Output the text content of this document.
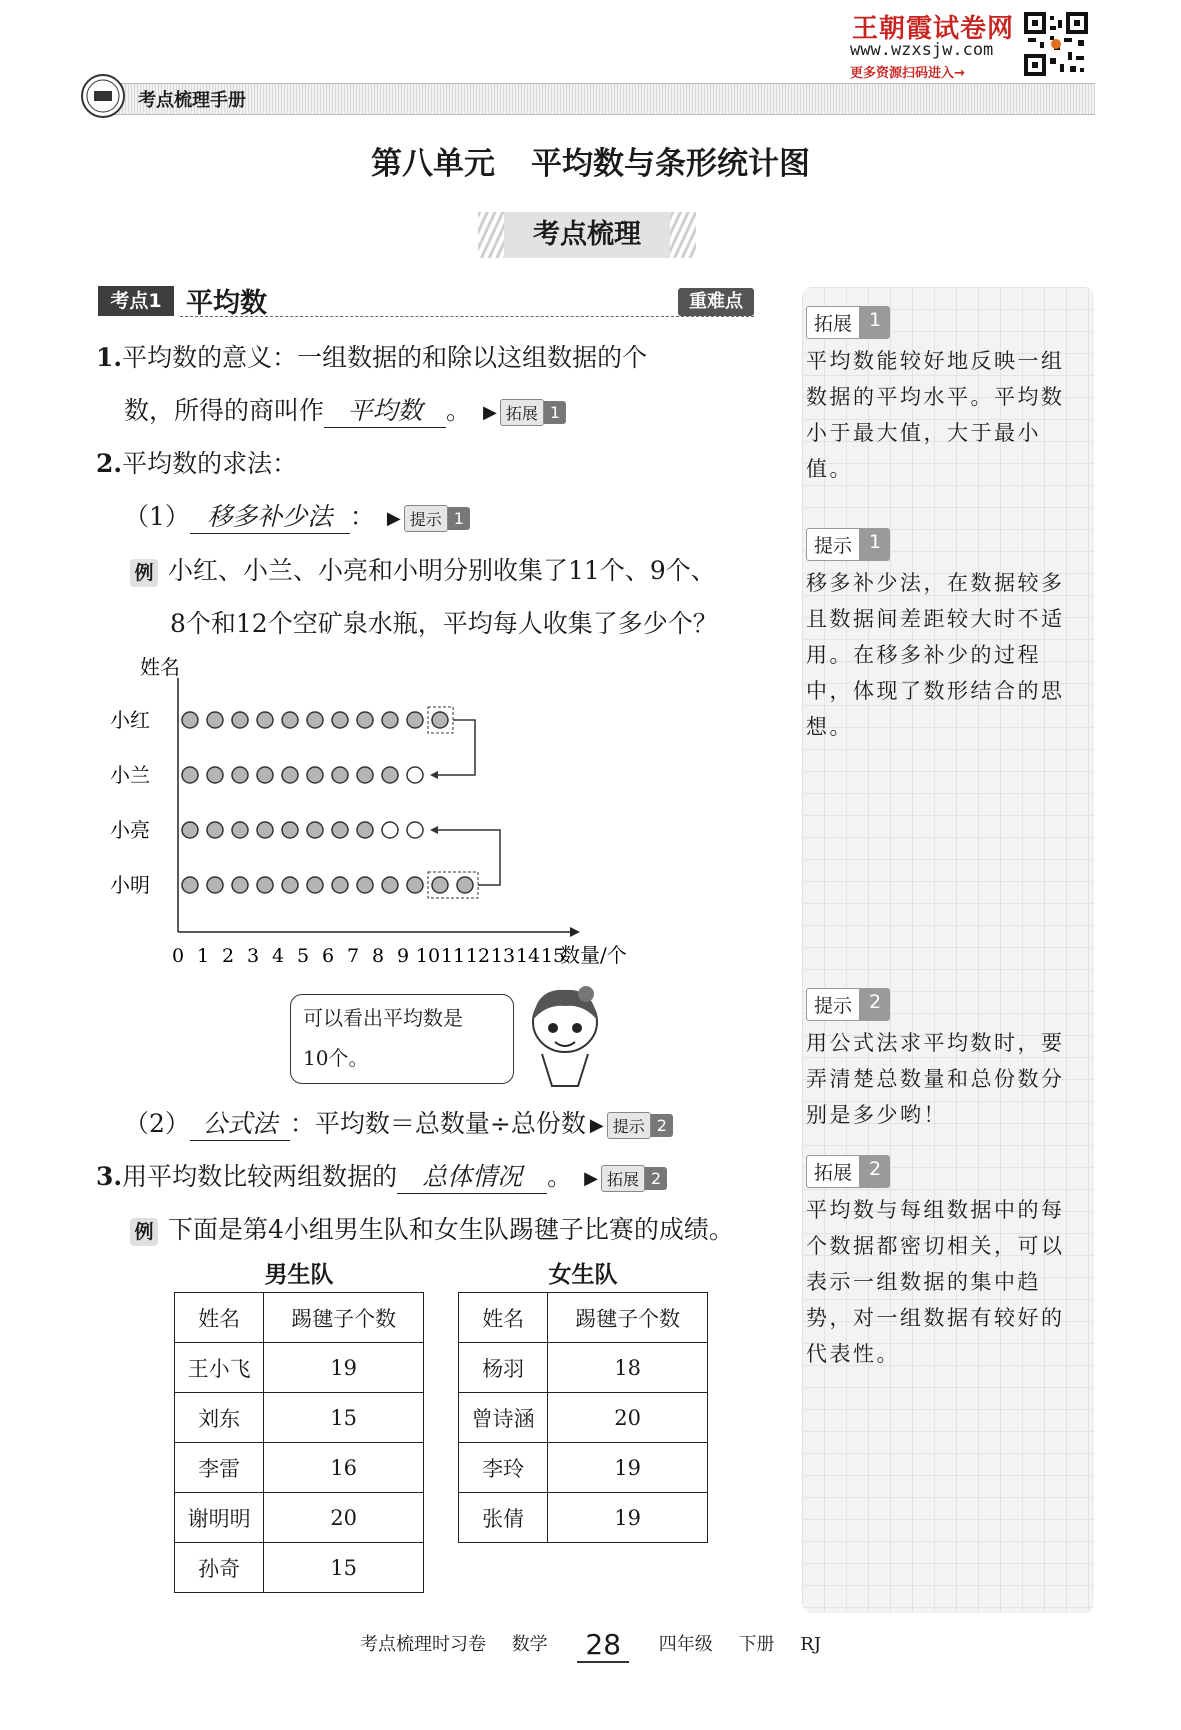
王朝霞试卷网
www.wzxsjw.com
更多资源扫码进入→
考点梳理手册
第八单元 平均数与条形统计图
考点梳理
考点1 平均数	重难点
1.平均数的意义：一组数据的和除以这组数据的个
数，所得的商叫作 平均数 。 ▶ 拓展 1
2.平均数的求法：
（1） 移多补少法 ： ▶ 提示 1
例 小红、小兰、小亮和小明分别收集了11个、9个、
8个和12个空矿泉水瓶，平均每人收集了多少个？
姓名
数量/个
0 1 2 3 4 5 6 7 8 9 10 11 12 13 14 15
小红
小兰
小亮
小明
可以看出平均数是
10个。
（2） 公式法 ：平均数＝总数量÷总份数 ▶ 提示 2
3.用平均数比较两组数据的 总体情况 。 ▶ 拓展 2
例 下面是第4小组男生队和女生队踢毽子比赛的成绩。
男生队
姓名	踢毽子个数
王小飞	19
刘东	15
李雷	16
谢明明	20
孙奇	15
女生队
姓名	踢毽子个数
杨羽	18
曾诗涵	20
李玲	19
张倩	19
拓展 1
平均数能较好地反映一组数据的平均水平。平均数小于最大值，大于最小值。
提示 1
移多补少法，在数据较多且数据间差距较大时不适用。在移多补少的过程中，体现了数形结合的思想。
提示 2
用公式法求平均数时，要弄清楚总数量和总份数分别是多少哟！
拓展 2
平均数与每组数据中的每个数据都密切相关，可以表示一组数据的集中趋势，对一组数据有较好的代表性。
考点梳理时习卷 数学 28 四年级 下册 RJ
